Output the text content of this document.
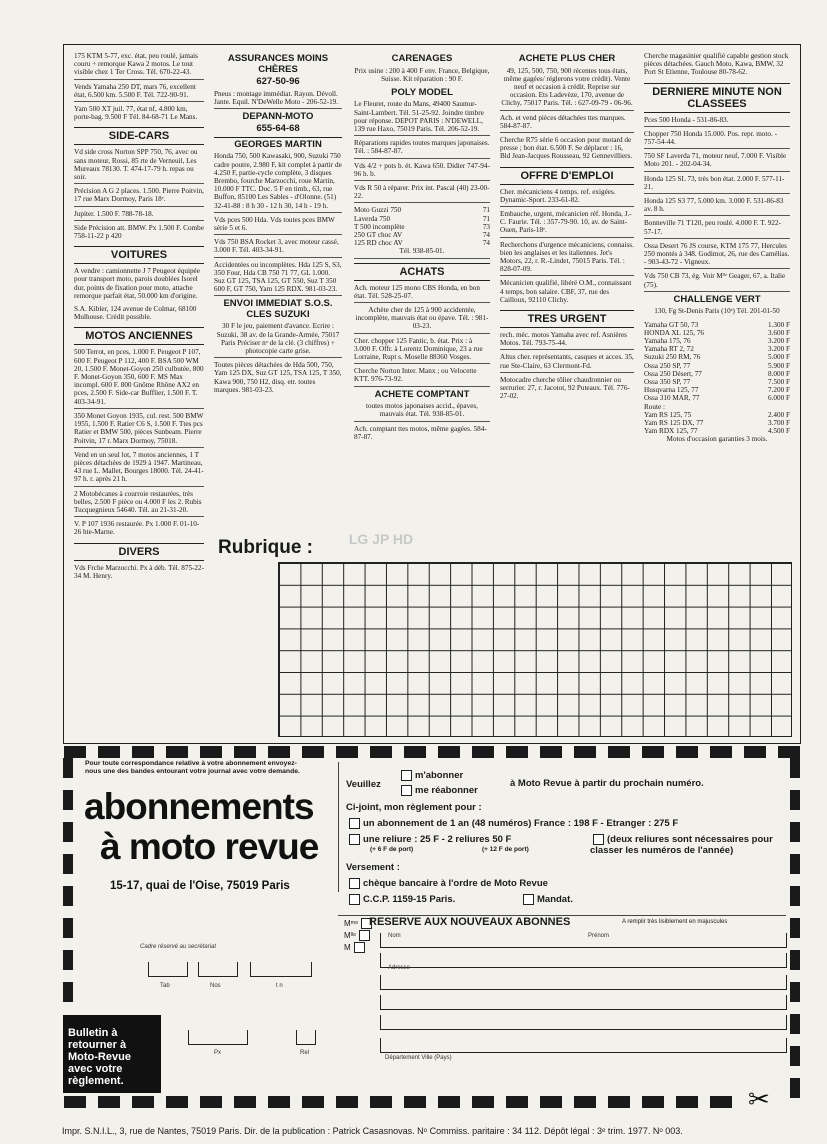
175 KTM 5-77, exc. état, peu roulé, jamais couru + remorque Kawa 2 motos. Le tout visible chez 1 Ter Cross. Tél. 670-22-43.

Vends Yamaha 250 DT, mars 76, excellent état, 6.500 km. 5.500 F. Tél. 722-90-91.

Yam 500 XT juil. 77, état nf, 4.800 km, porte-bag. 9.500 F Tél. 84-68-71 Le Mans.

SIDE-CARS

Vd side cross Norton SPP 750, 76, avec ou sans moteur, Rossi, 85 rte de Verneuil, Les Mureaux 78130. T. 474-17-79 h. repas ou soir.

Précision A G 2 places. 1.500. Pierre Poitvin, 17 rue Marx Dormoy, Paris 18ᵉ.

Jupiter. 1.500 F. 788-78-18.

Side Précision att. BMW. Px 1.500 F. Combe 758-11-22 p 420

VOITURES

A vendre : camionnette J 7 Peugeot équipée pour transport moto, parois doublées Isorel dur, points de fixation pour moto, attache remorque parfait état, 50.000 km d'origine.

S.A. Kibler, 124 avenue de Colmar, 68100 Mulhouse. Crédit possible.

MOTOS ANCIENNES

500 Terrot, en pces, 1.000 F. Peugeot P 107, 600 F. Peugeot P 112, 400 F. BSA 500 WM 20, 1.500 F. Monet-Goyon 250 culbutée, 800 F. Monet-Goyon 350, 600 F. MS Max incompl. 600 F. 800 Gnôme Rhône AX2 en pces, 2.500 F. Side-car Bufflier, 1.500 F. T. 403-34-91.

350 Monet Goyon 1935, cul. rest. 500 BMW 1955, 1.500 F. Ratier C6 S, 1.500 F. Ttes pcs Ratier et BMW 500, pièces Sunbeam. Pierre Poitvin, 17 r. Marx Dormoy, 75018.

Vend en un seul lot, 7 motos anciennes, 1 T pièces détachées de 1929 à 1947. Martineau, 43 rue L. Mallet, Bourges 18000. Tél. 24-41-97 h. r. après 21 h.

2 Motobécanes à courroie restaurées, très belles, 2.500 F pièce ou 4.000 F les 2. Rubis Tucquegnieux 54640. Tél. au 21-31-20.

V. P 107 1936 restaurée. Px 1.000 F. 01-10-26 hte-Marne.

DIVERS

Vds Frche Marzocchi. Px à déb. Tél. 875-22-34 M. Henry.

ASSURANCES MOINS CHÈRES
627-50-96

Pneus : montage immédiat. Rayon. Dévoll. Jante. Equil. N'DeWelle Moto - 206-52-19.

DEPANN-MOTO
655-64-68
GEORGES MARTIN

Honda 750, 500 Kawasaki, 900, Suzuki 750 cadre poutre, 2.980 F, kit complet à partir de 4.250 F, partie-cycle complète, 3 disques Brembo, fourche Marzocchi, roue Martin, 10.000 F TTC. Doc. 5 F en timb., 63, rue Buffon, 85100 Les Sables - d'Olonne. (51) 32-41-88 : 8 h 30 - 12 h 30, 14 h - 19 h.

Vds pces 500 Hda. Vds toutes pces BMW série 5 et 6.

Vds 750 BSA Rocket 3, avec moteur cassé, 3.000 F. Tél. 403-34-91.

Accidentées ou incomplètes. Hda 125 S, S3, 350 Four, Hda CB 750 71 77, GL 1.000. Suz GT 125, TSA 125, GT 550, Suz T 350 600 F, GT 750, Yam 125 RDX. 981-03-23.

ENVOI IMMEDIAT S.O.S. CLES SUZUKI

30 F le jeu, paiement d'avance. Ecrire : Suzuki, 38 av. de la Grande-Armée, 75017 Paris Préciser nᵒ de la clé. (3 chiffres) + photocopie carte grise.

Toutes pièces détachées de Hda 500, 750, Yam 125 DX, Suz GT 125, TSA 125, T 350, Kawa 900, 750 H2, disq. etr. toutes marques. 981-03-23.

CARENAGES

Prix usine : 200 à 400 F env. France, Belgique, Suisse. Kit réparation : 90 F.

POLY MODEL

Le Fleuret, route du Mans, 49400 Saumur-Saint-Lambert. Tél. 51-25-92. Joindre timbre pour réponse. DEPOT PARIS : N'DEWELL, 139 rue Haxo, 75019 Paris. Tél. 206-52-19.

Réparations rapides toutes marques japonaises. Tél. : 584-87-87.

Vds 4/2 + pots b. ét. Kawa 650. Didier 747-94-96 h. b.

Vds R 50 à réparer. Prix int. Pascal (40) 23-00-22.

Moto Guzzi 750	71
Laverda 750	71
T 500 incomplète	73
250 GT choc AV	74
125 RD choc AV	74

Tél. 938-85-01.

ACHATS

Ach. moteur 125 mono CBS Honda, en bon état. Tél. 528-25-07.

Achète cher de 125 à 900 accidentée, incomplète, mauvais état ou épave. Tél. : 981-03-23.

Cher. chopper 125 Fantic, b. état. Prix : à 3.000 F. Offr. à Lorentz Dominique, 23 a rue Lorraine, Rupt s. Moselle 88360 Vosges.

Cherche Norton Inter. Manx ; ou Velocette KTT. 976-73-92.

ACHETE COMPTANT

toutes motos japonaises accid., épaves, mauvais état. Tél. 938-85-01.

Ach. comptant ttes motos, même gagées. 584-87-87.

ACHETE PLUS CHER

49, 125, 500, 750, 900 récentes tous états, même gagées/ réglerons votre crédit). Vente neuf et occasion à crédit. Reprise sur occasion. Ets Ladevèze, 170, avenue de Clichy, 75017 Paris. Tél. : 627-09-79 - 06-96.

Ach. et vend pièces détachées ttes marques. 584-87-87.

Cherche R75 série 6 occasion pour motard de presse ; bon état. 6.500 F. Se déplacer : 16, Bld Jean-Jacques Rousseau, 92 Gennevilliers.

OFFRE D'EMPLOI

Cher. mécaniciens 4 temps. ref. exigées. Dynamic-Sport. 233-61-82.

Embauche, urgent, mécanicien réf. Honda, J.-C. Faurie. Tél. : 357-79-90. 10, av. de Saint-Ouen, Paris-18ᵉ.

Recherchons d'urgence mécaniciens, connaiss. bien les anglaises et les italiennes. Jet's Motors, 22, r. R.-Lindet, 75015 Paris. Tél. : 828-07-09.

Mécanicien qualifié, libéré O.M., connaissant 4 temps, bon salaire. CBF, 37, rue des Cailloux, 92110 Clichy.

TRES URGENT

rech. méc. motos Yamaha avec ref. Asnières Motos. Tél. 793-75-44.

Altus cher. représentants, casques et acces. 35, rue Ste-Claire, 63 Clermont-Fd.

Motocadre cherche tôlier chaudronnier ou serrurier. 27, r. Jacotot, 92 Puteaux. Tél. 776-27-02.

Cherche magasinier qualifié capable gestion stock pièces détachées. Gauch Moto, Kawa, BMW, 32 Port St Etienne, Toulouse 80-78-62.

DERNIERE MINUTE NON CLASSEES

Pces 500 Honda - 531-86-83.

Chopper 750 Honda 15.000. Pos. repr. moto. - 757-54-44.

750 SF Laverda 71, moteur neuf, 7.000 F. Visible Moto 201. - 202-04-34.

Honda 125 SL 73, très bon état. 2.000 F. 577-11-21.

Honda 125 S3 77, 5.000 km. 3.000 F. 531-86-83 av. 8 h.

Bonneville 71 T120, peu roulé. 4.000 F. T. 922-57-17.

Ossa Desert 76 JS course, KTM 175 77, Hercules 250 montés à 348. Godimot, 26, rue des Camélias. - 903-43-72 - Vigneux.

Vds 750 CB 73, ég. Voir Mˡˡᵉ Geager, 67, a. Italie (75).

CHALLENGE VERT

130, Fg St-Denis Paris (10ᵉ) Tél. 201-01-50

Yamaha GT 50, 73	1.300 F
HONDA XL 125, 76	3.600 F
Yamaha 175, 76	3.200 F
Yamaha RT 2, 72	3.200 F
Suzuki 250 RM, 76	5.000 F
Ossa 250 SP, 77	5.900 F
Ossa 250 Désert, 77	8.000 F
Ossa 350 SP, 77	7.500 F
Husqvarna 125, 77	7.200 F
Ossa 310 MAR, 77	6.000 F
Route :
Yam RS 125, 75	2.400 F
Yam RS 125 DX, 77	3.700 F
Yam RDX 125, 77	4.500 F
Motos d'occasion garanties 3 mois.
Rubrique :	LG JP HD
Pour toute correspondance relative à votre abonnement envoyez-nous une des bandes entourant votre journal avec votre demande.
abonnements
à moto revue
15-17, quai de l'Oise, 75019 Paris
Veuillez
m'abonner
me réabonner
à Moto Revue à partir du prochain numéro.
Ci-joint, mon règlement pour :
un abonnement de 1 an (48 numéros) France : 198 F - Etranger : 275 F
une reliure : 25 F - 2 reliures 50 F	(deux reliures sont nécessaires pour classer les numéros de l'année)
(+ 6 F de port)	(+ 12 F de port)
Versement :
chèque bancaire à l'ordre de Moto Revue
C.C.P. 1159-15 Paris.	Mandat.
Mᵐᵉ
Mˡˡᵉ
M
RESERVE AUX NOUVEAUX ABONNES	A remplir très lisiblement en majuscules
Nom	Prénom
Adresse
Département Ville (Pays)
Cadre réservé au secrétariat
Tab	Nos	t n
Px	Rel
Bulletin à retourner à Moto-Revue avec votre règlement.
✂
Impr. S.N.I.L., 3, rue de Nantes, 75019 Paris. Dir. de la publication : Patrick Casasnovas. Nᵒ Commiss. paritaire : 34 112. Dépôt légal : 3ᵉ trim. 1977. Nᵒ 003.
